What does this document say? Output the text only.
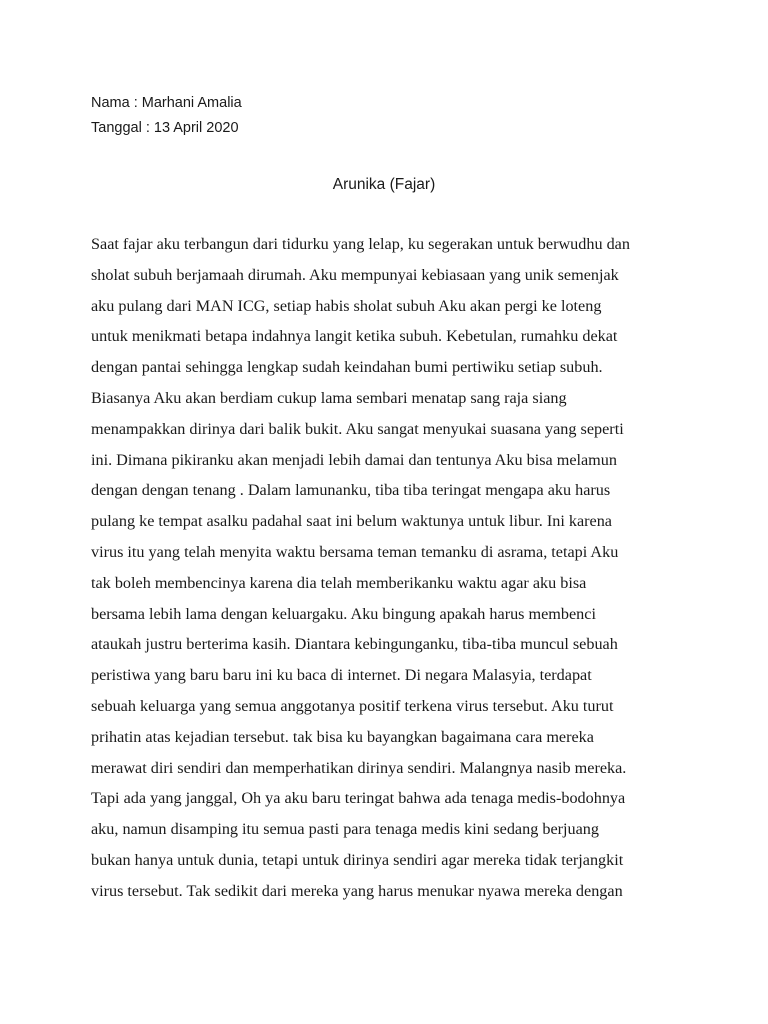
Nama : Marhani Amalia
Tanggal : 13 April 2020
Arunika (Fajar)
Saat fajar aku terbangun dari tidurku yang lelap, ku segerakan untuk berwudhu dan
sholat subuh berjamaah dirumah. Aku mempunyai kebiasaan yang unik semenjak
aku pulang dari MAN ICG, setiap habis sholat subuh Aku akan pergi ke loteng
untuk menikmati betapa indahnya langit ketika subuh. Kebetulan, rumahku dekat
dengan pantai sehingga lengkap sudah keindahan bumi pertiwiku setiap subuh.
Biasanya Aku akan berdiam cukup lama sembari menatap sang raja siang
menampakkan dirinya dari balik bukit. Aku sangat menyukai suasana yang seperti
ini. Dimana pikiranku akan menjadi lebih damai dan tentunya Aku bisa melamun
dengan dengan tenang . Dalam lamunanku, tiba tiba teringat mengapa aku harus
pulang ke tempat asalku padahal saat ini belum waktunya untuk libur. Ini karena
virus itu yang telah menyita waktu bersama teman temanku di asrama, tetapi Aku
tak boleh membencinya karena dia telah memberikanku waktu agar aku bisa
bersama lebih lama dengan keluargaku. Aku bingung apakah harus membenci
ataukah justru berterima kasih. Diantara kebingunganku, tiba-tiba muncul sebuah
peristiwa yang baru baru ini ku baca di internet. Di negara Malasyia, terdapat
sebuah keluarga yang semua anggotanya positif terkena virus tersebut. Aku turut
prihatin atas kejadian tersebut. tak bisa ku bayangkan bagaimana cara mereka
merawat diri sendiri dan memperhatikan dirinya sendiri. Malangnya nasib mereka.
Tapi ada yang janggal, Oh ya aku baru teringat bahwa ada tenaga medis-bodohnya
aku, namun disamping itu semua pasti para tenaga medis kini sedang berjuang
bukan hanya untuk dunia, tetapi untuk dirinya sendiri agar mereka tidak terjangkit
virus tersebut. Tak sedikit dari mereka yang harus menukar nyawa mereka dengan
